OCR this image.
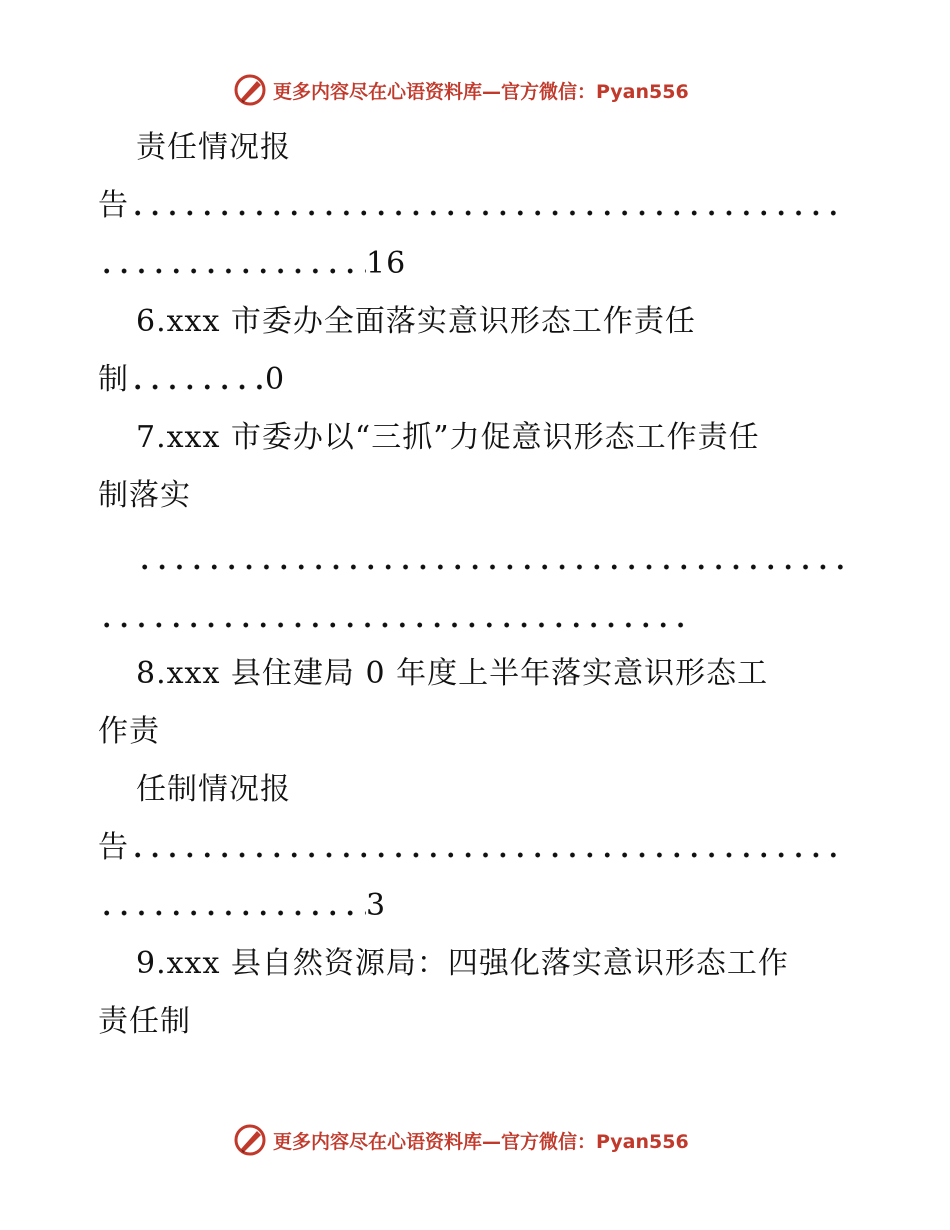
更多内容尽在心语资料库—官方微信：Pyan556
责任情况报
告
16
6.xxx 市委办全面落实意识形态工作责任
制	0
7.xxx 市委办以“三抓”力促意识形态工作责任
制落实
8.xxx 县住建局 0 年度上半年落实意识形态工
作责
任制情况报
告
3
9.xxx 县自然资源局：四强化落实意识形态工作
责任制
更多内容尽在心语资料库—官方微信：Pyan556
